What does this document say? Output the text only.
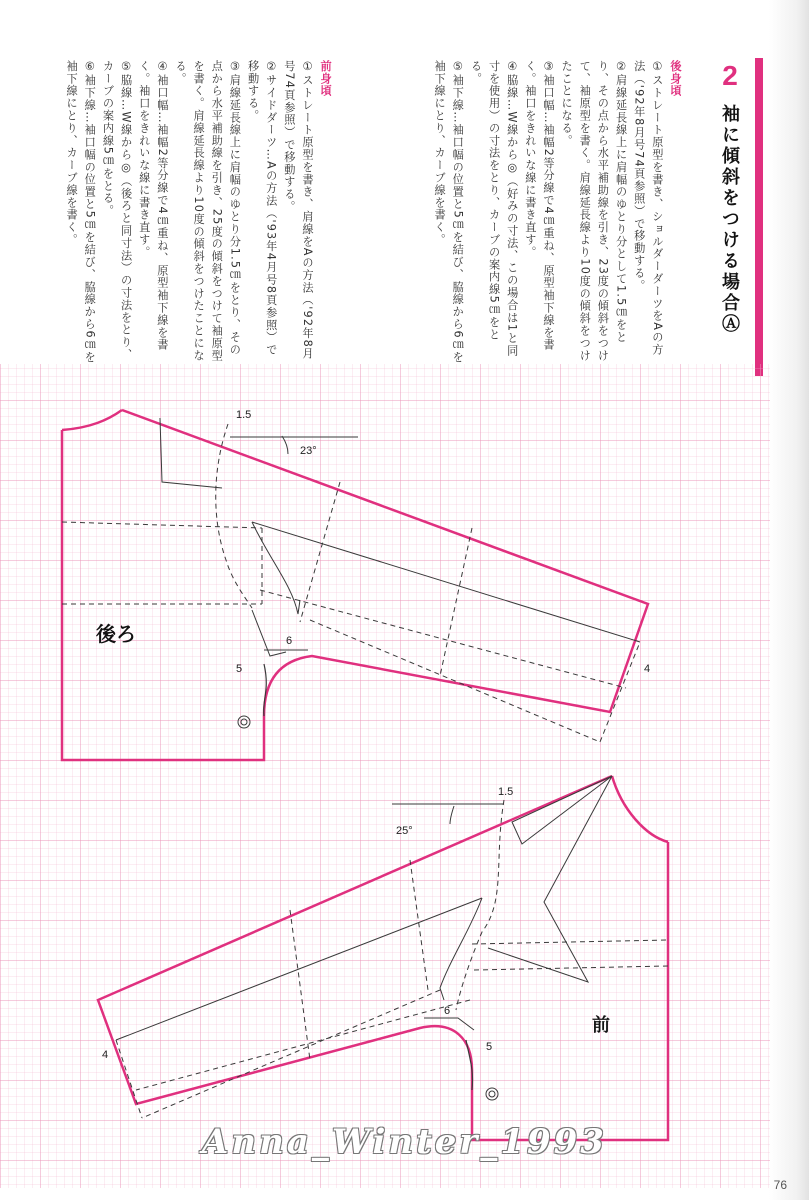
2
袖に傾斜をつける場合Ⓐ

後身頃

①ストレート原型を書き、ショルダーダーツをAの方法（'92年8月号74頁参照）で移動する。

②肩線延長線上に肩幅のゆとり分として1.5㎝をとり、その点から水平補助線を引き、23度の傾斜をつけて、袖原型を書く。肩線延長線より10度の傾斜をつけたことになる。

③袖口幅…袖幅2等分線で4㎝重ね、原型袖下線を書く。袖口をきれいな線に書き直す。

④脇線…W線から◎（好みの寸法、この場合は1と同寸を使用）の寸法をとり、カーブの案内線5㎝をとる。

⑤袖下線…袖口幅の位置と5㎝を結び、脇線から6㎝を袖下線にとり、カーブ線を書く。

前身頃

①ストレート原型を書き、肩線をAの方法（'92年8月号74頁参照）で移動する。

②サイドダーツ…Aの方法（'93年4月号8頁参照）で移動する。

③肩線延長線上に肩幅のゆとり分1.5㎝をとり、その点から水平補助線を引き、25度の傾斜をつけて袖原型を書く。肩線延長線より10度の傾斜をつけたことになる。

④袖口幅…袖幅2等分線で4㎝重ね、原型袖下線を書く。袖口をきれいな線に書き直す。

⑤脇線…W線から◎（後ろと同寸法）の寸法をとり、カーブの案内線5㎝をとる。

⑥袖下線…袖口幅の位置と5㎝を結び、脇線から6㎝を袖下線にとり、カーブ線を書く。

後ろ
23°
1.5
4
5
6
前
25°
1.5
4
5
6
Anna_Winter_1993
76
